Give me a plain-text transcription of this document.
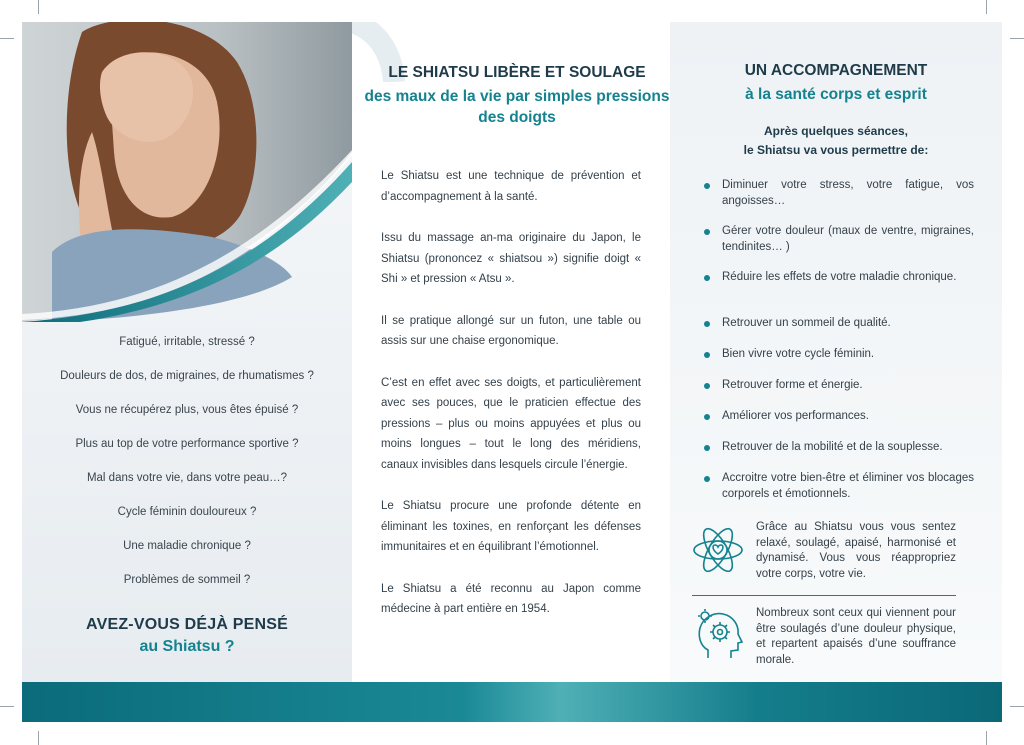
Fatigué, irritable, stressé ?

Douleurs de dos, de migraines, de rhumatismes ?

Vous ne récupérez plus, vous êtes épuisé ?

Plus au top de votre performance sportive ?

Mal dans votre vie, dans votre peau…?

Cycle féminin douloureux ?

Une maladie chronique ?

Problèmes de sommeil ?

AVEZ-VOUS DÉJÀ PENSÉ
au Shiatsu ?
LE SHIATSU LIBÈRE ET SOULAGE
des maux de la vie par simples pressions des doigts

Le Shiatsu est une technique de prévention et d’accompagnement à la santé.

Issu du massage an-ma originaire du Japon, le Shiatsu (prononcez « shiatsou ») signifie doigt « Shi » et pression « Atsu ».

Il se pratique allongé sur un futon, une table ou assis sur une chaise ergonomique.

C’est en effet avec ses doigts, et particulièrement avec ses pouces, que le praticien effectue des pressions – plus ou moins appuyées et plus ou moins longues – tout le long des méridiens, canaux invisibles dans lesquels circule l’énergie.

Le Shiatsu procure une profonde détente en éliminant les toxines, en renforçant les défenses immunitaires et en équilibrant l’émotionnel.

Le Shiatsu a été reconnu au Japon comme médecine à part entière en 1954.

UN ACCOMPAGNEMENT
à la santé corps et esprit
Après quelques séances,
le Shiatsu va vous permettre de:
Diminuer votre stress, votre fatigue, vos angoisses…
Gérer votre douleur (maux de ventre, migraines, tendinites… )
Réduire les effets de votre maladie chronique.
Retrouver un sommeil de qualité.
Bien vivre votre cycle féminin.
Retrouver forme et énergie.
Améliorer vos performances.
Retrouver de la mobilité et de la souplesse.
Accroitre votre bien-être et éliminer vos blocages corporels et émotionnels.
Grâce au Shiatsu vous vous sentez relaxé, soulagé, apaisé, harmonisé et dynamisé. Vous vous réappropriez votre corps, votre vie.
Nombreux sont ceux qui viennent pour être soulagés d’une douleur physique, et repartent apaisés d’une souffrance morale.
